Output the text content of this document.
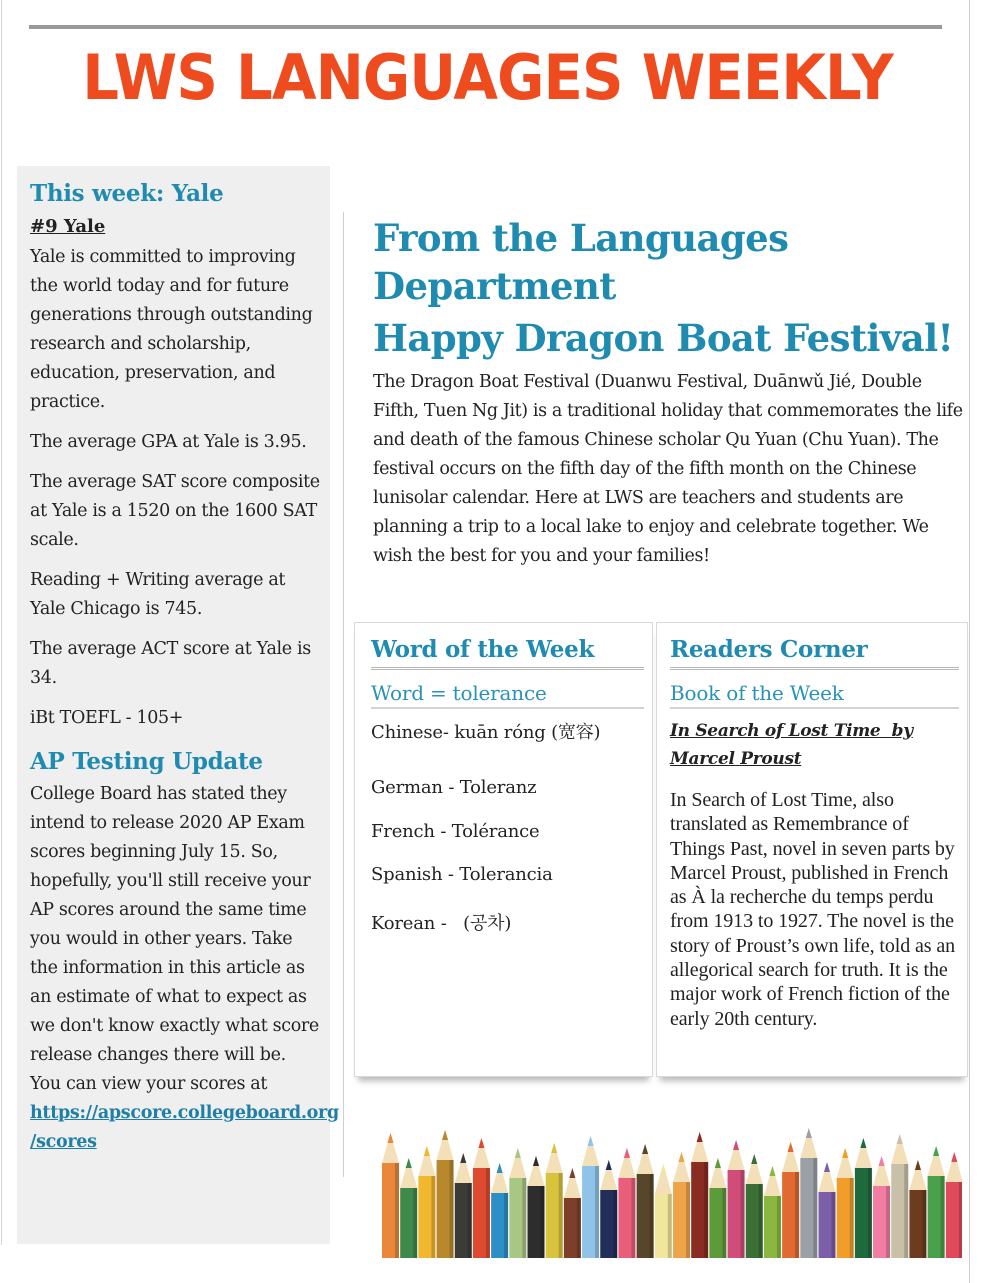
LWS LANGUAGES WEEKLY
This week: Yale
#9 Yale

Yale is committed to improving the world today and for future generations through outstanding research and scholarship, education, preservation, and practice.

The average GPA at Yale is 3.95.

The average SAT score composite at Yale is a 1520 on the 1600 SAT scale.

Reading + Writing average at Yale Chicago is 745.

The average ACT score at Yale is 34.

iBt TOEFL - 105+

AP Testing Update

College Board has stated they intend to release 2020 AP Exam scores beginning July 15. So, hopefully, you'll still receive your AP scores around the same time you would in other years. Take the information in this article as an estimate of what to expect as we don't know exactly what score release changes there will be. You can view your scores at
https://apscore.collegeboard.org
/scores

From the Languages
Department
Happy Dragon Boat Festival!
The Dragon Boat Festival (Duanwu Festival, Duānwǔ Jié, Double Fifth, Tuen Ng Jit) is a traditional holiday that commemorates the life and death of the famous Chinese scholar Qu Yuan (Chu Yuan). The festival occurs on the fifth day of the fifth month on the Chinese lunisolar calendar. Here at LWS are teachers and students are planning a trip to a local lake to enjoy and celebrate together. We wish the best for you and your families!
Word of the Week
Word = tolerance
Chinese- kuān róng (宽容)
German - Toleranz
French - Tolérance
Spanish - Tolerancia
Korean -   (공차)
Readers Corner
Book of the Week
In Search of Lost Time  by
Marcel Proust
In Search of Lost Time, also translated as Remembrance of Things Past, novel in seven parts by Marcel Proust, published in French as À la recherche du temps perdu from 1913 to 1927. The novel is the story of Proust’s own life, told as an allegorical search for truth. It is the major work of French fiction of the early 20th century.
